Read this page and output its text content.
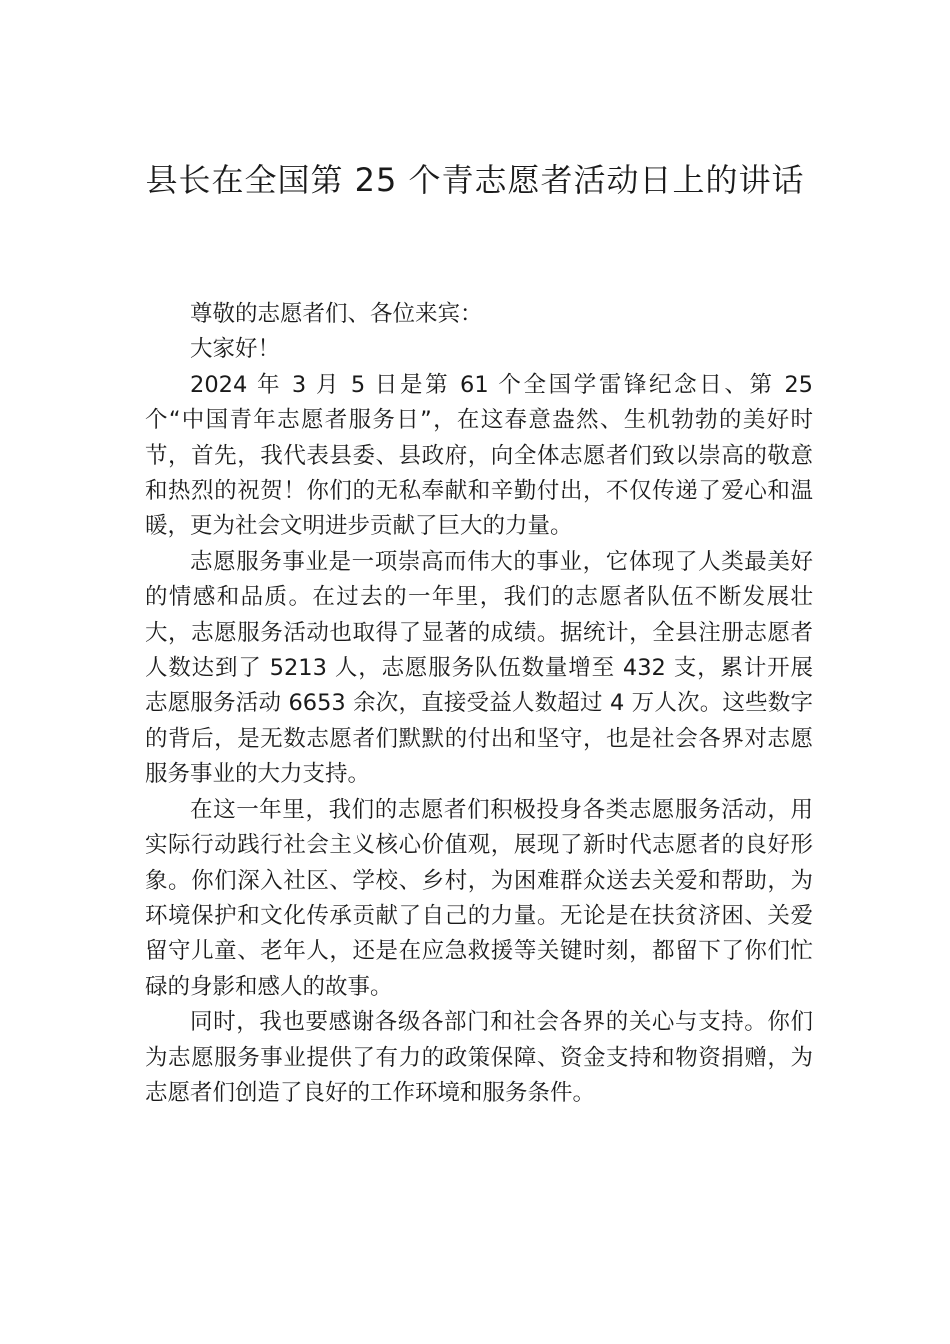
县长在全国第 25 个青志愿者活动日上的讲话

尊敬的志愿者们、各位来宾：

大家好！

2024 年 3 月 5 日是第 61 个全国学雷锋纪念日、第 25 个“中国青年志愿者服务日”，在这春意盎然、生机勃勃的美好时节，首先，我代表县委、县政府，向全体志愿者们致以崇高的敬意和热烈的祝贺！你们的无私奉献和辛勤付出，不仅传递了爱心和温暖，更为社会文明进步贡献了巨大的力量。

志愿服务事业是一项崇高而伟大的事业，它体现了人类最美好的情感和品质。在过去的一年里，我们的志愿者队伍不断发展壮大，志愿服务活动也取得了显著的成绩。据统计，全县注册志愿者人数达到了 5213 人，志愿服务队伍数量增至 432 支，累计开展志愿服务活动 6653 余次，直接受益人数超过 4 万人次。这些数字的背后，是无数志愿者们默默的付出和坚守，也是社会各界对志愿服务事业的大力支持。

在这一年里，我们的志愿者们积极投身各类志愿服务活动，用实际行动践行社会主义核心价值观，展现了新时代志愿者的良好形象。你们深入社区、学校、乡村，为困难群众送去关爱和帮助，为环境保护和文化传承贡献了自己的力量。无论是在扶贫济困、关爱留守儿童、老年人，还是在应急救援等关键时刻，都留下了你们忙碌的身影和感人的故事。

同时，我也要感谢各级各部门和社会各界的关心与支持。你们为志愿服务事业提供了有力的政策保障、资金支持和物资捐赠，为志愿者们创造了良好的工作环境和服务条件。
